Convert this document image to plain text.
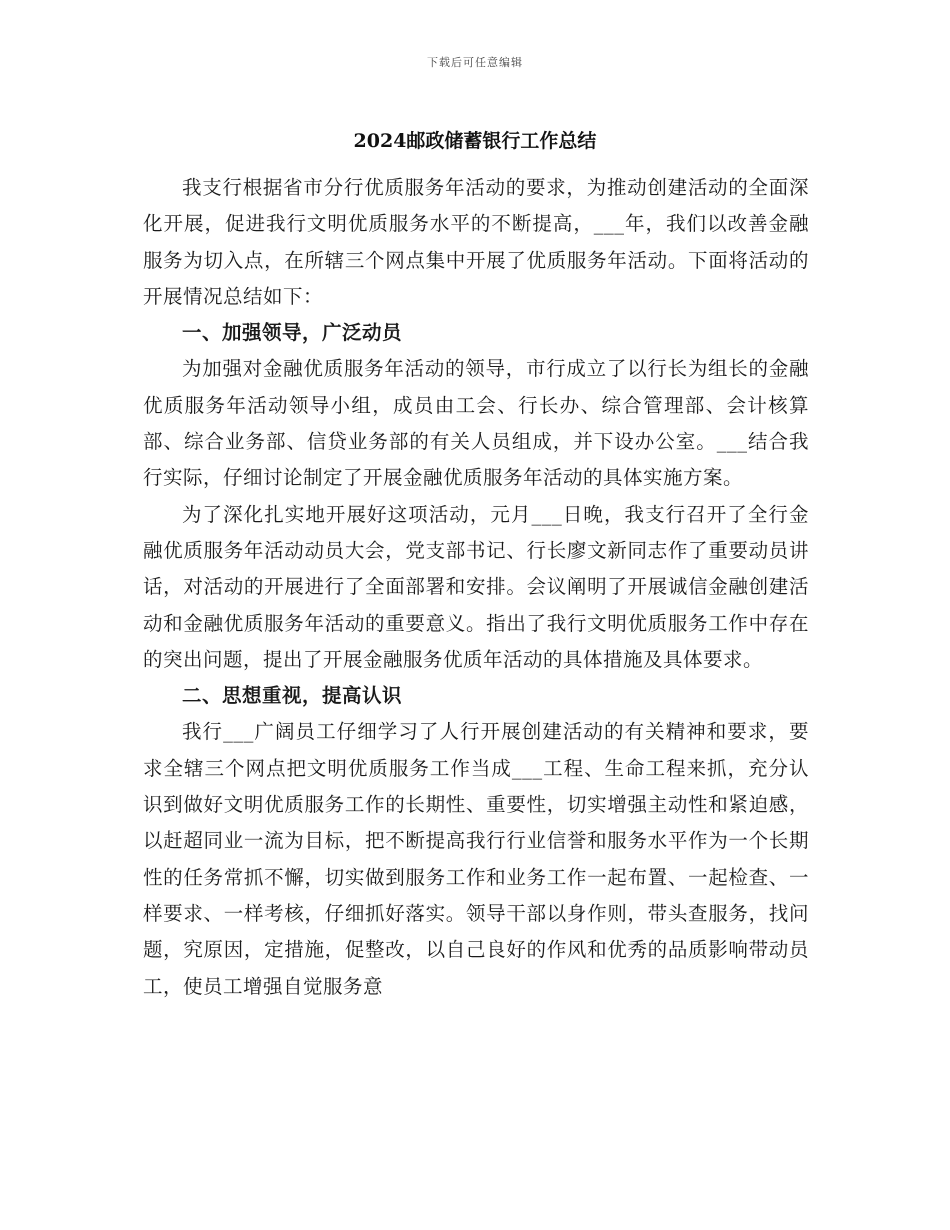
下载后可任意编辑
2024邮政储蓄银行工作总结

我支行根据省市分行优质服务年活动的要求，为推动创建活动的全面深化开展，促进我行文明优质服务水平的不断提高，___年，我们以改善金融服务为切入点，在所辖三个网点集中开展了优质服务年活动。下面将活动的开展情况总结如下：

一、加强领导，广泛动员

为加强对金融优质服务年活动的领导，市行成立了以行长为组长的金融优质服务年活动领导小组，成员由工会、行长办、综合管理部、会计核算部、综合业务部、信贷业务部的有关人员组成，并下设办公室。___结合我行实际，仔细讨论制定了开展金融优质服务年活动的具体实施方案。

为了深化扎实地开展好这项活动，元月___日晚，我支行召开了全行金融优质服务年活动动员大会，党支部书记、行长廖文新同志作了重要动员讲话，对活动的开展进行了全面部署和安排。会议阐明了开展诚信金融创建活动和金融优质服务年活动的重要意义。指出了我行文明优质服务工作中存在的突出问题，提出了开展金融服务优质年活动的具体措施及具体要求。

二、思想重视，提高认识

我行___广阔员工仔细学习了人行开展创建活动的有关精神和要求，要求全辖三个网点把文明优质服务工作当成___工程、生命工程来抓，充分认识到做好文明优质服务工作的长期性、重要性，切实增强主动性和紧迫感，以赶超同业一流为目标，把不断提高我行行业信誉和服务水平作为一个长期性的任务常抓不懈，切实做到服务工作和业务工作一起布置、一起检查、一样要求、一样考核，仔细抓好落实。领导干部以身作则，带头查服务，找问题，究原因，定措施，促整改，以自己良好的作风和优秀的品质影响带动员工，使员工增强自觉服务意
